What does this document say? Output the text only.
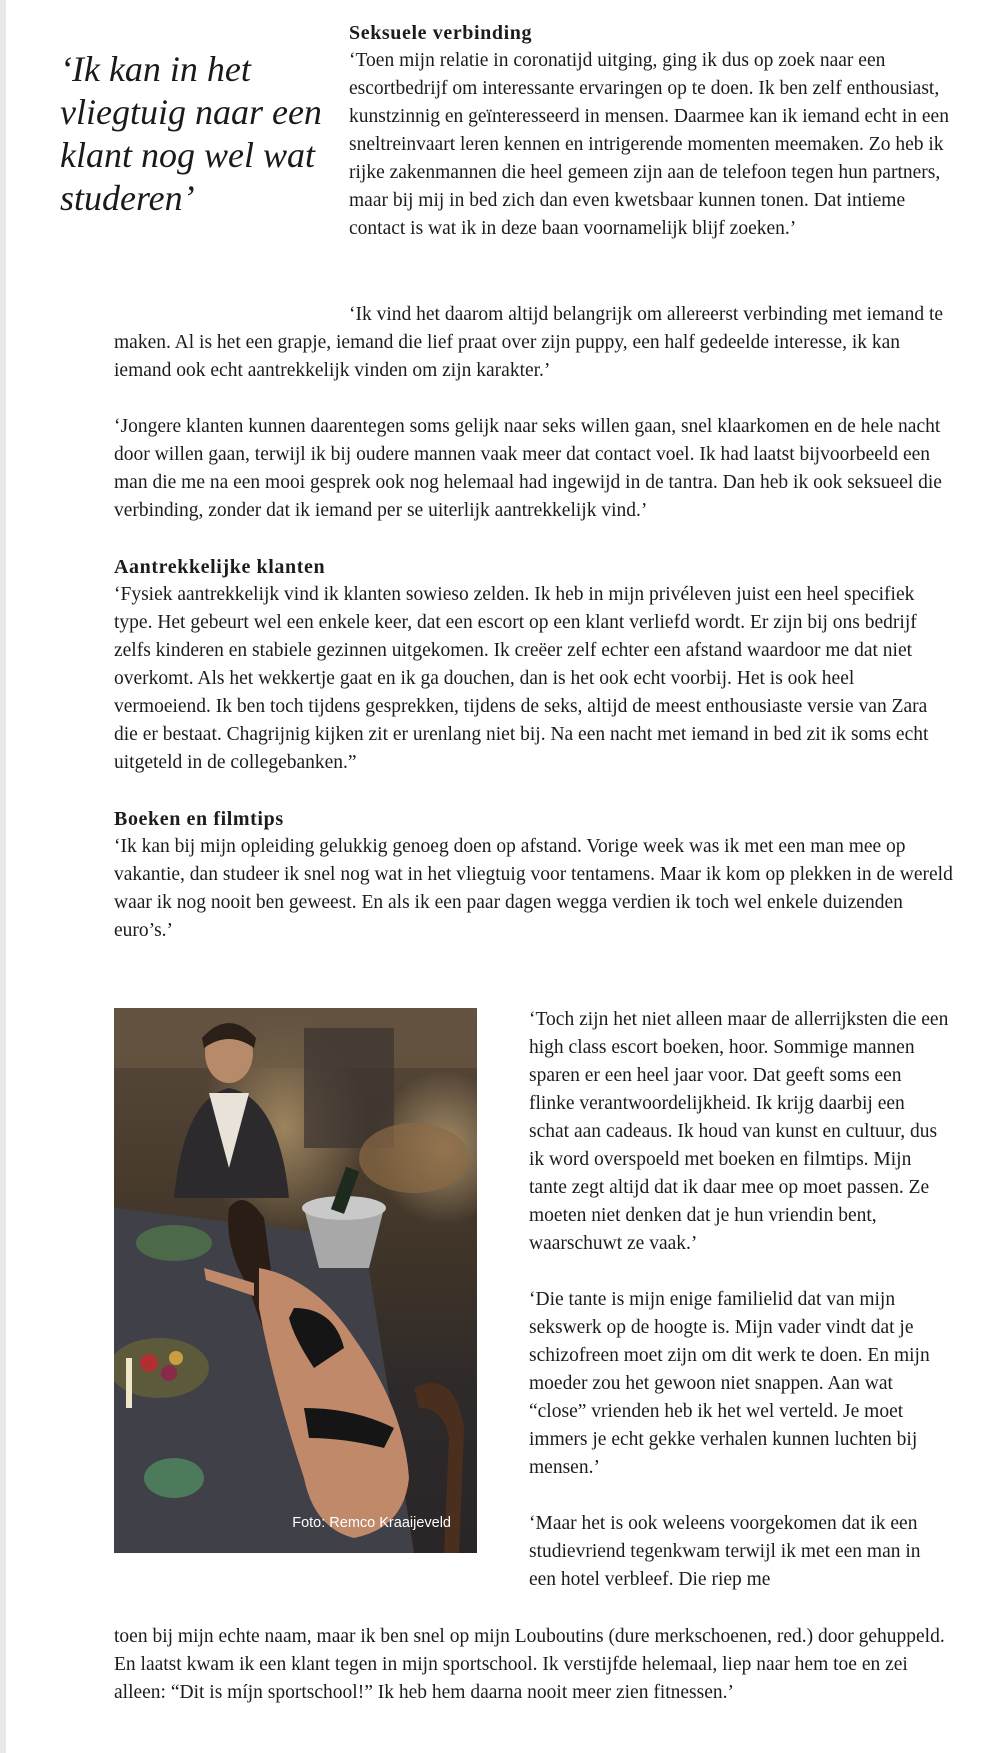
‘Ik kan in het vliegtuig naar een klant nog wel wat studeren’

Seksuele verbinding

‘Toen mijn relatie in coronatijd uitging, ging ik dus op zoek naar een escortbedrijf om interessante ervaringen op te doen. Ik ben zelf enthousiast, kunstzinnig en geïnteresseerd in mensen. Daarmee kan ik iemand echt in een sneltreinvaart leren kennen en intrigerende momenten meemaken. Zo heb ik rijke zakenmannen die heel gemeen zijn aan de telefoon tegen hun partners, maar bij mij in bed zich dan even kwetsbaar kunnen tonen. Dat intieme contact is wat ik in deze baan voornamelijk blijf zoeken.’

‘Ik vind het daarom altijd belangrijk om allereerst verbinding met iemand te maken. Al is het een grapje, iemand die lief praat over zijn puppy, een half gedeelde interesse, ik kan iemand ook echt aantrekkelijk vinden om zijn karakter.’

‘Jongere klanten kunnen daarentegen soms gelijk naar seks willen gaan, snel klaarkomen en de hele nacht door willen gaan, terwijl ik bij oudere mannen vaak meer dat contact voel. Ik had laatst bijvoorbeeld een man die me na een mooi gesprek ook nog helemaal had ingewijd in de tantra. Dan heb ik ook seksueel die verbinding, zonder dat ik iemand per se uiterlijk aantrekkelijk vind.’

Aantrekkelijke klanten

‘Fysiek aantrekkelijk vind ik klanten sowieso zelden. Ik heb in mijn privéleven juist een heel specifiek type. Het gebeurt wel een enkele keer, dat een escort op een klant verliefd wordt. Er zijn bij ons bedrijf zelfs kinderen en stabiele gezinnen uitgekomen. Ik creëer zelf echter een afstand waardoor me dat niet overkomt. Als het wekkertje gaat en ik ga douchen, dan is het ook echt voorbij. Het is ook heel vermoeiend. Ik ben toch tijdens gesprekken, tijdens de seks, altijd de meest enthousiaste versie van Zara die er bestaat. Chagrijnig kijken zit er urenlang niet bij. Na een nacht met iemand in bed zit ik soms echt uitgeteld in de collegebanken.”

Boeken en filmtips

‘Ik kan bij mijn opleiding gelukkig genoeg doen op afstand. Vorige week was ik met een man mee op vakantie, dan studeer ik snel nog wat in het vliegtuig voor tentamens. Maar ik kom op plekken in de wereld waar ik nog nooit ben geweest. En als ik een paar dagen wegga verdien ik toch wel enkele duizenden euro’s.’

Foto: Remco Kraaijeveld

‘Toch zijn het niet alleen maar de allerrijksten die een high class escort boeken, hoor. Sommige mannen sparen er een heel jaar voor. Dat geeft soms een flinke verantwoordelijkheid. Ik krijg daarbij een schat aan cadeaus. Ik houd van kunst en cultuur, dus ik word overspoeld met boeken en filmtips. Mijn tante zegt altijd dat ik daar mee op moet passen. Ze moeten niet denken dat je hun vriendin bent, waarschuwt ze vaak.’

‘Die tante is mijn enige familielid dat van mijn sekswerk op de hoogte is. Mijn vader vindt dat je schizofreen moet zijn om dit werk te doen. En mijn moeder zou het gewoon niet snappen. Aan wat “close” vrienden heb ik het wel verteld. Je moet immers je echt gekke verhalen kunnen luchten bij mensen.’

‘Maar het is ook weleens voorgekomen dat ik een studievriend tegenkwam terwijl ik met een man in een hotel verbleef. Die riep me

toen bij mijn echte naam, maar ik ben snel op mijn Louboutins (dure merkschoenen, red.) door gehuppeld. En laatst kwam ik een klant tegen in mijn sportschool. Ik verstijfde helemaal, liep naar hem toe en zei alleen: “Dit is míjn sportschool!” Ik heb hem daarna nooit meer zien fitnessen.’
